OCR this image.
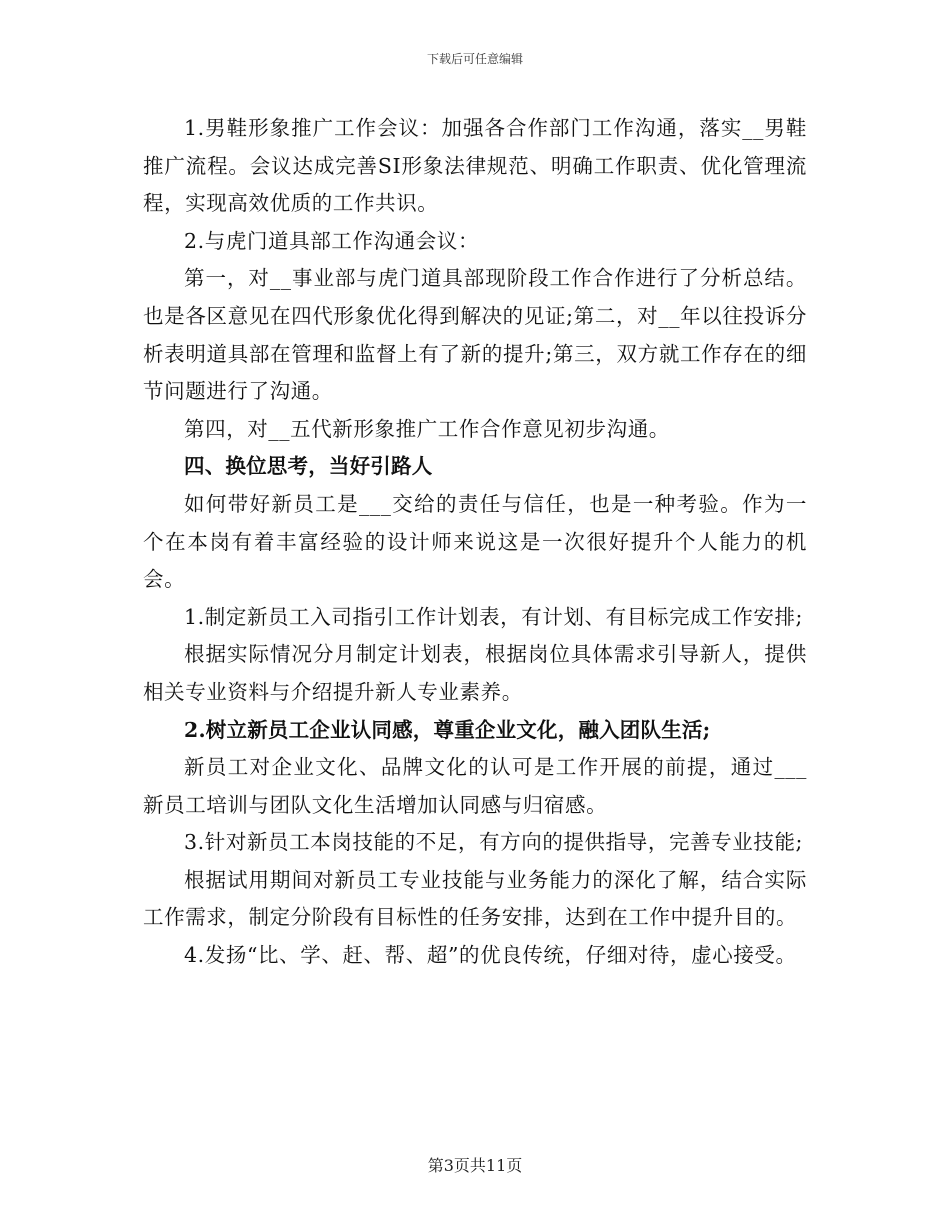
下载后可任意编辑

1.男鞋形象推广工作会议：加强各合作部门工作沟通，落实__男鞋推广流程。会议达成完善SI形象法律规范、明确工作职责、优化管理流程，实现高效优质的工作共识。

2.与虎门道具部工作沟通会议：

第一，对__事业部与虎门道具部现阶段工作合作进行了分析总结。也是各区意见在四代形象优化得到解决的见证;第二，对__年以往投诉分析表明道具部在管理和监督上有了新的提升;第三，双方就工作存在的细节问题进行了沟通。

第四，对__五代新形象推广工作合作意见初步沟通。

四、换位思考，当好引路人

如何带好新员工是___交给的责任与信任，也是一种考验。作为一个在本岗有着丰富经验的设计师来说这是一次很好提升个人能力的机会。

1.制定新员工入司指引工作计划表，有计划、有目标完成工作安排;

根据实际情况分月制定计划表，根据岗位具体需求引导新人，提供相关专业资料与介绍提升新人专业素养。

2.树立新员工企业认同感，尊重企业文化，融入团队生活;

新员工对企业文化、品牌文化的认可是工作开展的前提，通过___新员工培训与团队文化生活增加认同感与归宿感。

3.针对新员工本岗技能的不足，有方向的提供指导，完善专业技能;

根据试用期间对新员工专业技能与业务能力的深化了解，结合实际工作需求，制定分阶段有目标性的任务安排，达到在工作中提升目的。

4.发扬“比、学、赶、帮、超”的优良传统，仔细对待，虚心接受。

第3页共11页
